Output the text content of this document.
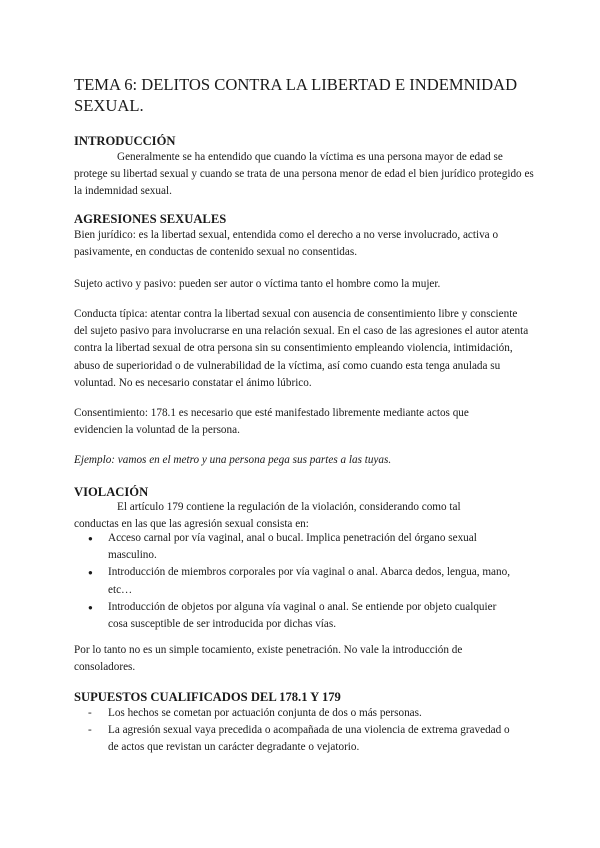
TEMA 6: DELITOS CONTRA LA LIBERTAD E INDEMNIDAD SEXUAL.
INTRODUCCIÓN

Generalmente se ha entendido que cuando la víctima es una persona mayor de edad se protege su libertad sexual y cuando se trata de una persona menor de edad el bien jurídico protegido es la indemnidad sexual.

AGRESIONES SEXUALES

Bien jurídico: es la libertad sexual, entendida como el derecho a no verse involucrado, activa o pasivamente, en conductas de contenido sexual no consentidas.

Sujeto activo y pasivo: pueden ser autor o víctima tanto el hombre como la mujer.

Conducta típica: atentar contra la libertad sexual con ausencia de consentimiento libre y consciente del sujeto pasivo para involucrarse en una relación sexual. En el caso de las agresiones el autor atenta contra la libertad sexual de otra persona sin su consentimiento empleando violencia, intimidación, abuso de superioridad o de vulnerabilidad de la víctima, así como cuando esta tenga anulada su voluntad. No es necesario constatar el ánimo lúbrico.

Consentimiento: 178.1 es necesario que esté manifestado libremente mediante actos que evidencien la voluntad de la persona.

Ejemplo: vamos en el metro y una persona pega sus partes a las tuyas.

VIOLACIÓN

El artículo 179 contiene la regulación de la violación, considerando como tal conductas en las que las agresión sexual consista en:

● Acceso carnal por vía vaginal, anal o bucal. Implica penetración del órgano sexual masculino.
● Introducción de miembros corporales por vía vaginal o anal. Abarca dedos, lengua, mano, etc…
● Introducción de objetos por alguna vía vaginal o anal. Se entiende por objeto cualquier cosa susceptible de ser introducida por dichas vías.

Por lo tanto no es un simple tocamiento, existe penetración. No vale la introducción de consoladores.

SUPUESTOS CUALIFICADOS DEL 178.1 Y 179
- Los hechos se cometan por actuación conjunta de dos o más personas.
- La agresión sexual vaya precedida o acompañada de una violencia de extrema gravedad o de actos que revistan un carácter degradante o vejatorio.
